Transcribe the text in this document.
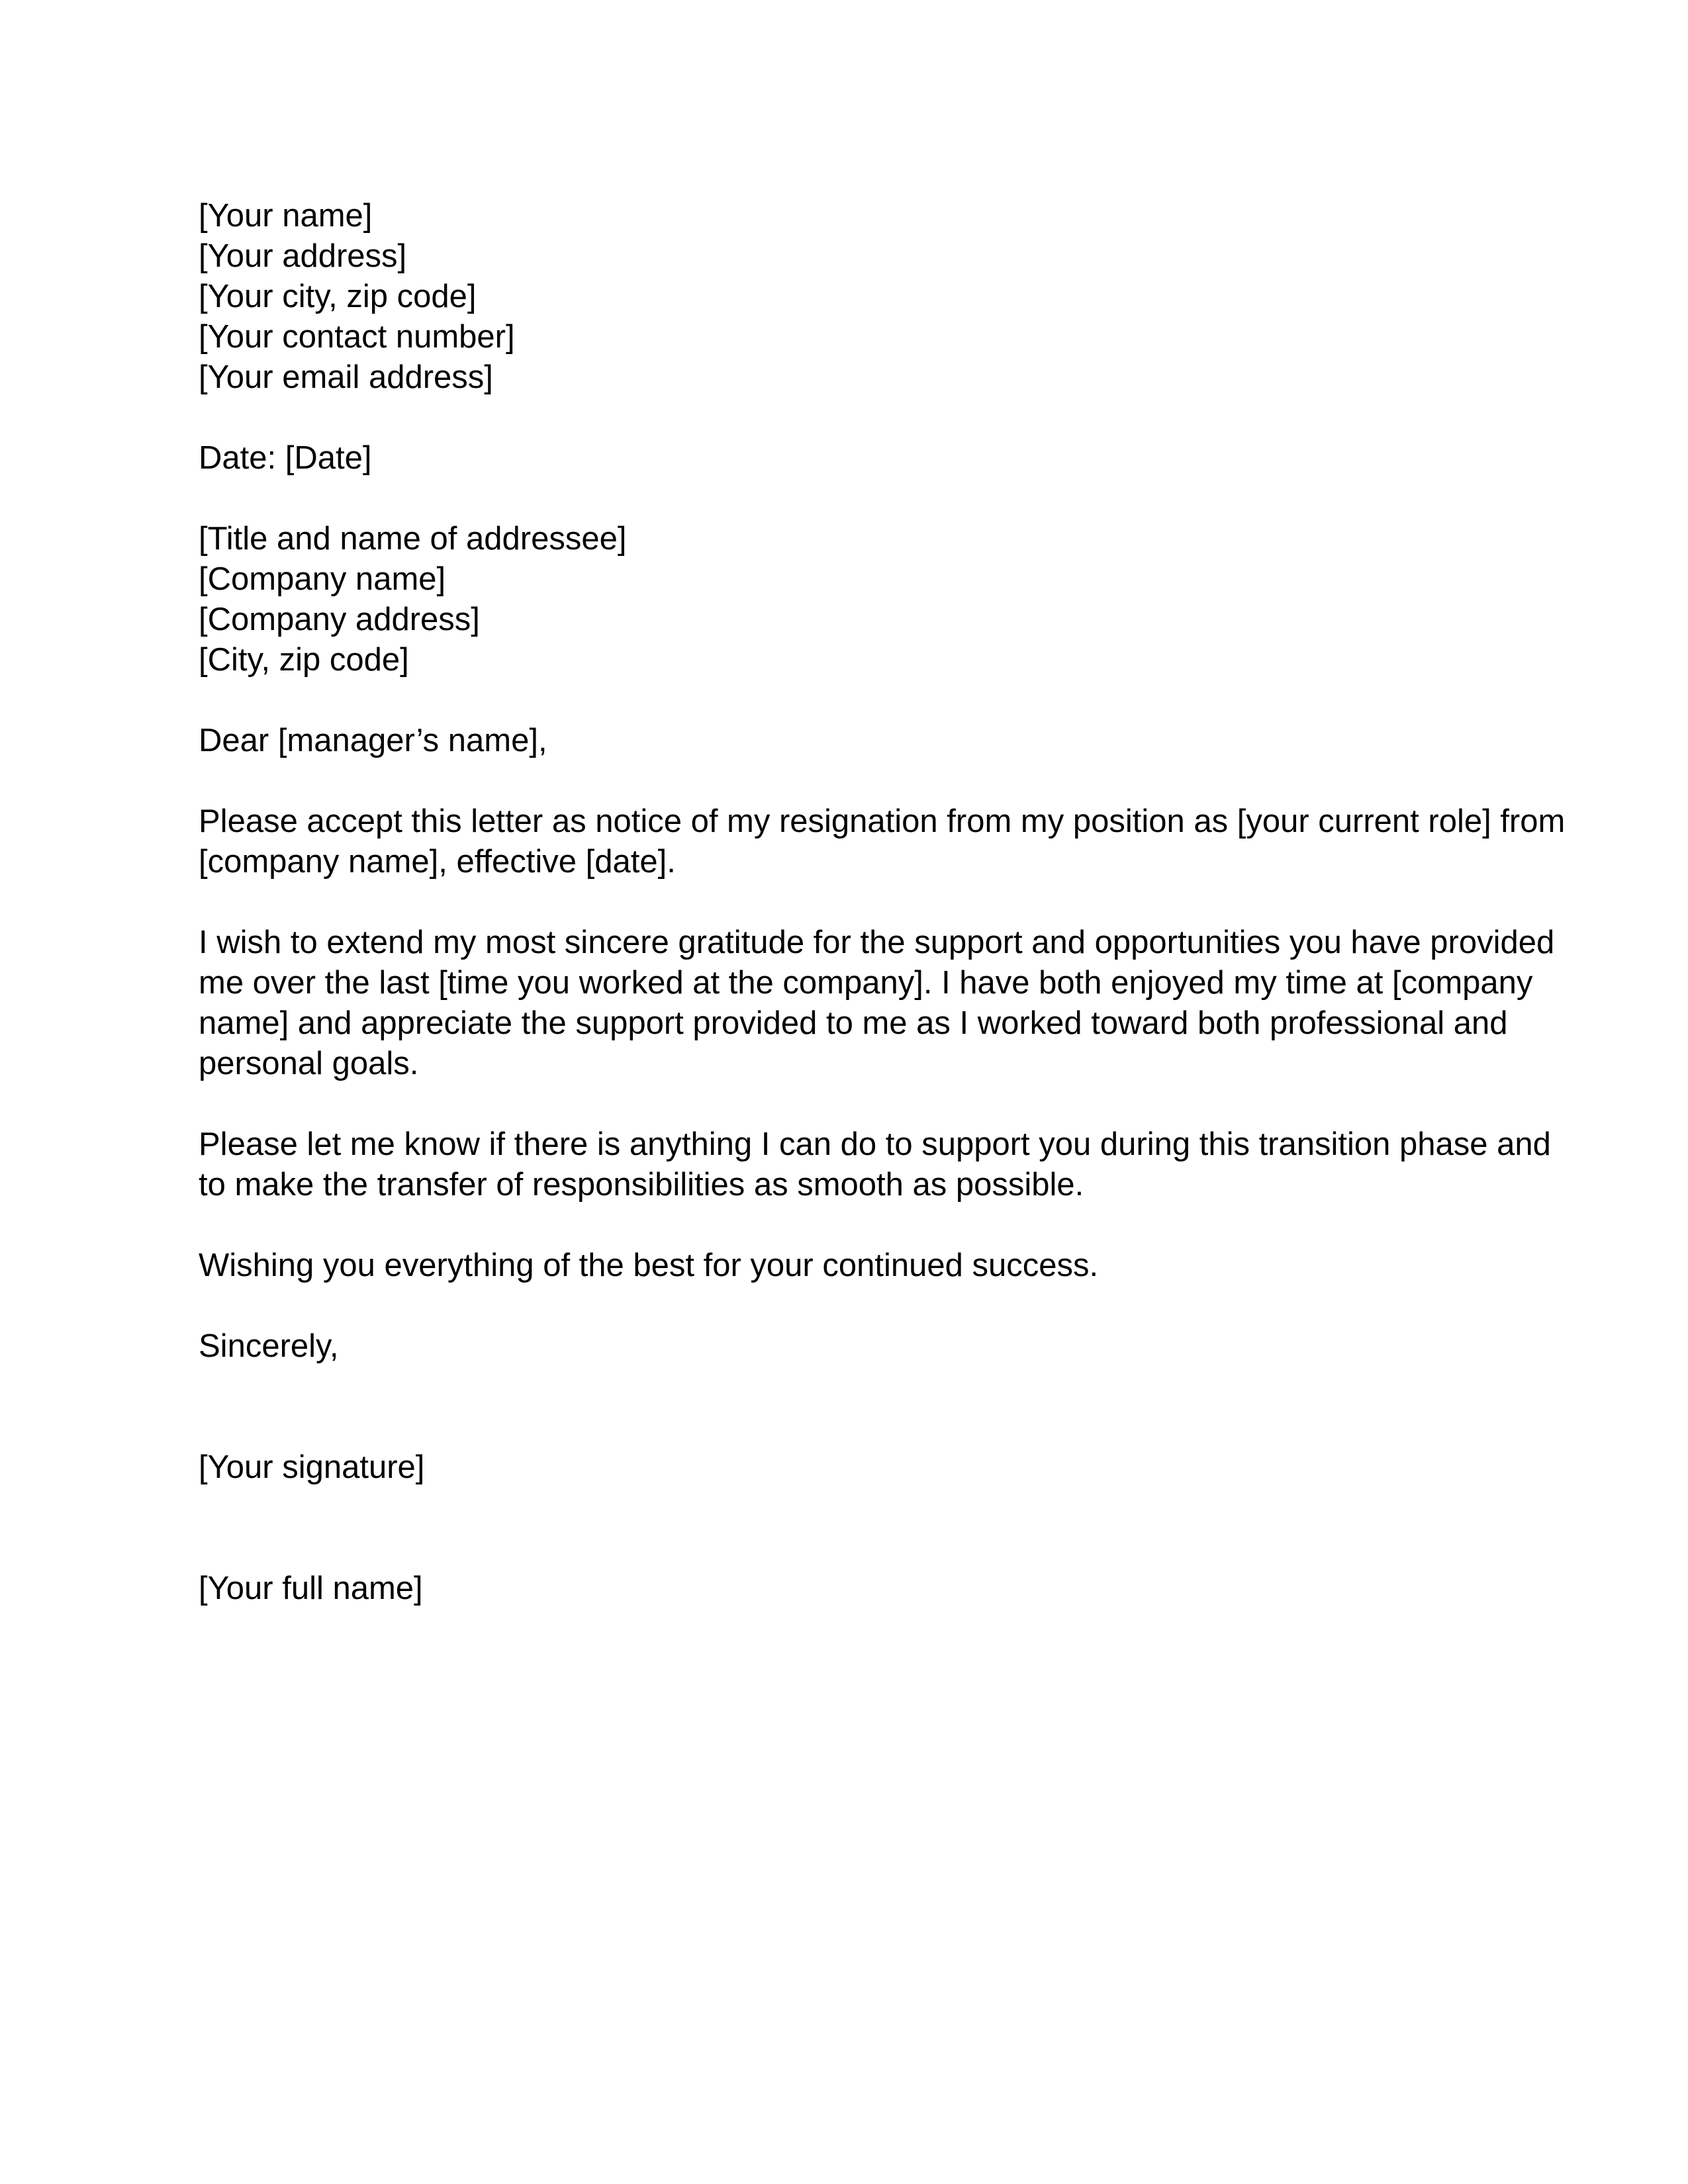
[Your name]
[Your address]
[Your city, zip code]
[Your contact number]
[Your email address]
Date: [Date]
[Title and name of addressee]
[Company name]
[Company address]
[City, zip code]
Dear [manager’s name],
Please accept this letter as notice of my resignation from my position as [your current role] from
[company name], effective [date].
I wish to extend my most sincere gratitude for the support and opportunities you have provided
me over the last [time you worked at the company]. I have both enjoyed my time at [company
name] and appreciate the support provided to me as I worked toward both professional and
personal goals.
Please let me know if there is anything I can do to support you during this transition phase and
to make the transfer of responsibilities as smooth as possible.
Wishing you everything of the best for your continued success.
Sincerely,
[Your signature]
[Your full name]
